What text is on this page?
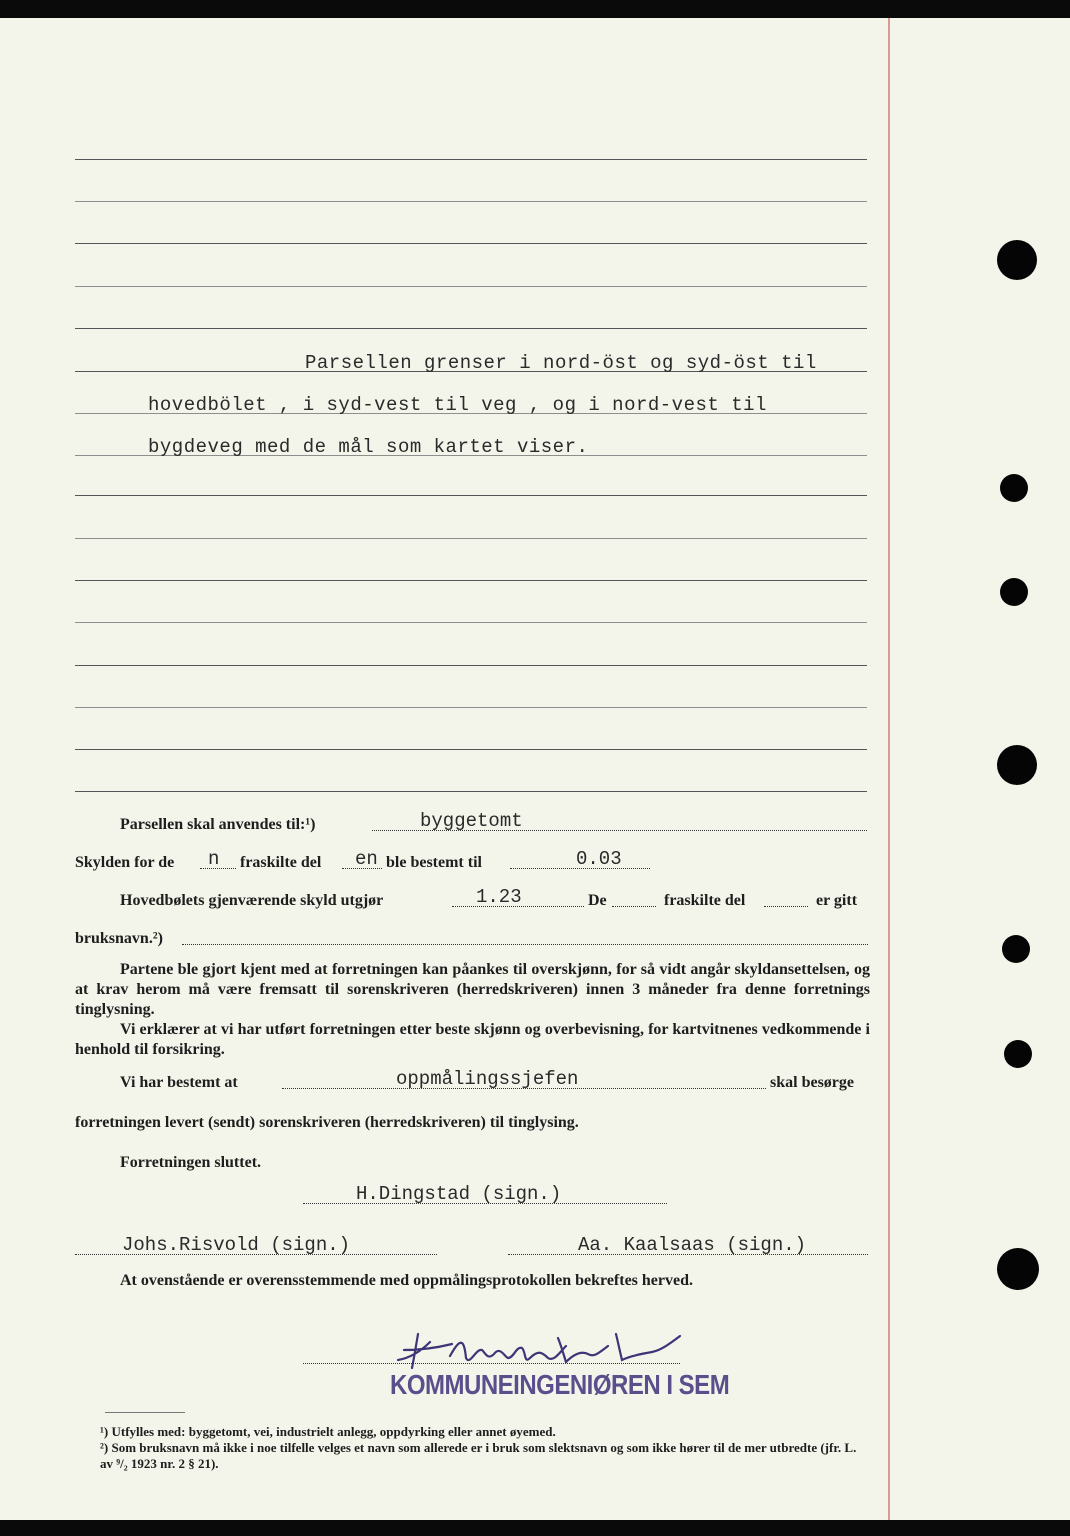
Parsellen grenser i nord-öst og syd-öst til
hovedbölet , i syd-vest til veg , og i nord-vest til
bygdeveg med de mål som kartet viser.
Parsellen skal anvendes til:¹)	byggetomt
Skylden for de n fraskilte del en ble bestemt til	0.03
Hovedbølets gjenværende skyld utgjør	1.23	De	fraskilte del	er gitt
bruksnavn.²)
Partene ble gjort kjent med at forretningen kan påankes til overskjønn, for så vidt angår skyldansettelsen, og at krav herom må være fremsatt til sorenskriveren (herredskriveren) innen 3 måneder fra denne forretnings tinglysning.
Vi erklærer at vi har utført forretningen etter beste skjønn og overbevisning, for kartvitnenes vedkommende i henhold til forsikring.
Vi har bestemt at	oppmålingssjefen	skal besørge
forretningen levert (sendt) sorenskriveren (herredskriveren) til tinglysing.
Forretningen sluttet.
H.Dingstad (sign.)
Johs.Risvold (sign.)	Aa. Kaalsaas (sign.)
At ovenstående er overensstemmende med oppmålingsprotokollen bekreftes herved.
KOMMUNEINGENIØREN I SEM
¹) Utfylles med: byggetomt, vei, industrielt anlegg, oppdyrking eller annet øyemed.
²) Som bruksnavn må ikke i noe tilfelle velges et navn som allerede er i bruk som slektsnavn og som ikke hører til de mer utbredte (jfr. L. av ⁹/₂ 1923 nr. 2 § 21).
